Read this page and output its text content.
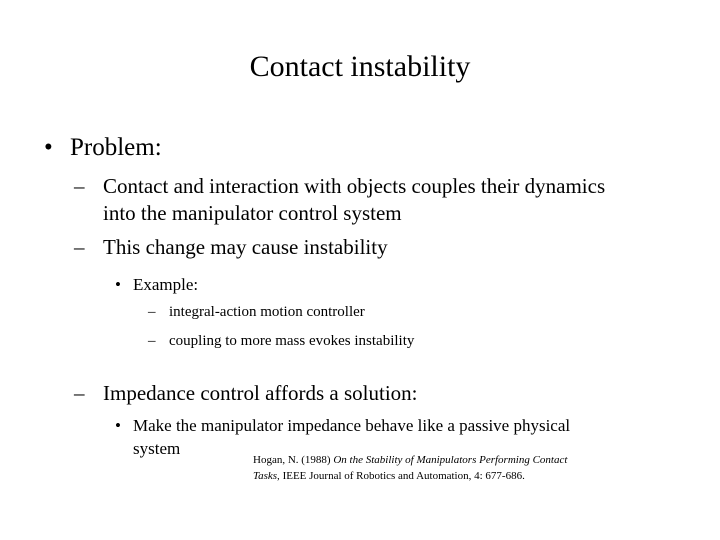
Contact instability
• Problem:
– Contact and interaction with objects couples their dynamics
into the manipulator control system
– This change may cause instability
• Example:
– integral-action motion controller
– coupling to more mass evokes instability
– Impedance control affords a solution:
• Make the manipulator impedance behave like a passive physical
system
Hogan, N. (1988) On the Stability of Manipulators Performing Contact
Tasks, IEEE Journal of Robotics and Automation, 4: 677-686.
